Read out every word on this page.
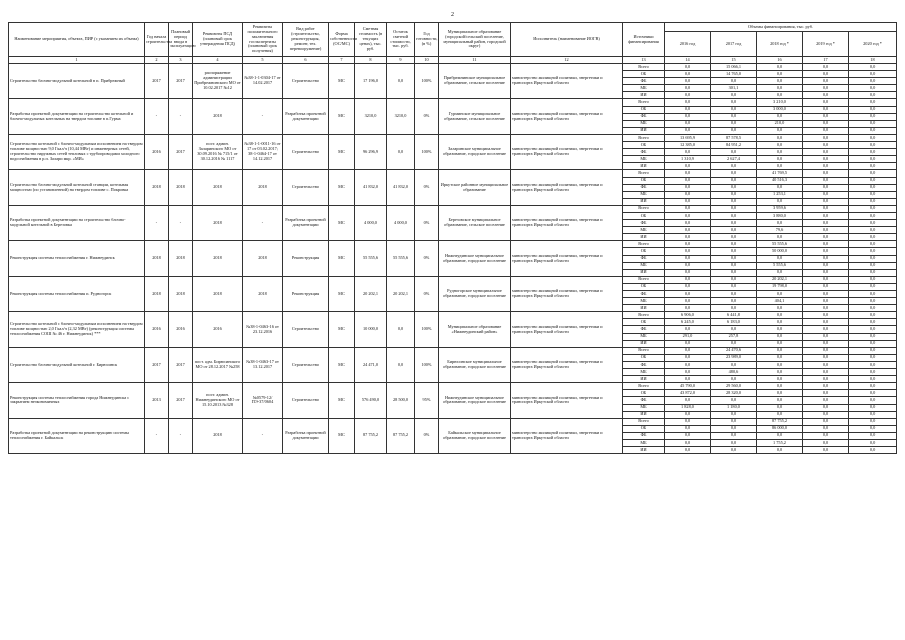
2
Наименование мероприятия, объекта, ПИР (с указанием их объема)	Год начала строительства	Плановый период ввода в эксплуатацию	Реквизиты ПСД (плановый срок утверждения ПСД)	Реквизиты положительного заключения госэкспертизы (плановый срок получения)	Вид работ (строительство, реконструкция, ремонт, тех. перевооружение)	Форма собственности (ОС/МС)	Сметная стоимость (в текущих ценах), тыс. руб.	Остаток сметной стоимости, тыс. руб.	Год готовности, (в %)	Муниципальное образование (городской/сельский поселение, муниципальный район, городской округ)	Исполнитель (наименование ИОГВ)	Источники финансирования	Объемы финансирования, тыс. руб.				
													2016 год	2017 год	2018 год *	2019 год *	2020 год *
1	2	3	4	5	6	7	8	9	10	11	12	13	14	15	16	17	18
Строительство блочно-модульной котельной в п. Прибрежный	2017	2017	распоряжение администрации Прибрежнинского МО от 10.02.2017 №12	№38-1-1-0304-17 от 14.02.2017	Строительство	МС	17 196,0	0,0	100%	Прибрежнинское муниципальное образование, сельское поселение	министерство жилищной политики, энергетики и транспорта Иркутской области	Всего	0,0	15 066,1	0,0	0,0	0,0
												ОБ	0,0	14 765,0	0,0	0,0	0,0
												ФБ	0,0	0,0	0,0	0,0	0,0
												МБ	0,0	301,1	0,0	0,0	0,0
												ИИ	0,0	0,0	0,0	0,0	0,0
Разработка проектной документации на строительство котельной и блочно-модульных котельных на твердом топливе в п.Гурма	-	-	2018	-	Разработка проектной документации	МС	3210,0	3210,0	0%	Гурминское муниципальное образование, сельское поселение	министерство жилищной политики, энергетики и транспорта Иркутской области	Всего	0,0	0,0	3 210,0	0,0	0,0
												ОБ	0,0	0,0	3 000,0	0,0	0,0
												ФБ	0,0	0,0	0,0	0,0	0,0
												МБ	0,0	0,0	210,0	0,0	0,0
												ИИ	0,0	0,0	0,0	0,0	0,0
Строительство котельной с блочно-модульным исполнением на твердом топливе мощностью 9,0 Гкал/ч (10,44 МВт) и инженерных сетей, строительство наружных сетей тепловых с трубопроводами холодного водоснабжения в р.п. Залари мкр. «МИ»	2016	2017	пост. админ. Заларинского МО от 30.09.2016 № 715/1 от 30.12.2016 № 1117	№38-1-1-0011-16 от 17 от 03.02.2017; 38-1-0464-17 от 14.12.2017	Строительство	МС	96 296,9	0,0	100%	Заларинское муниципальное образование, городское поселение	министерство жилищной политики, энергетики и транспорта Иркутской области	Всего	13 695,9	87 578,5	0,0	0,0	0,0
												ОБ	12 385,0	84 951,2	0,0	0,0	0,0
												ФБ	0,0	0,0	0,0	0,0	0,0
												МБ	1 310,9	2 627,4	0,0	0,0	0,0
												ИИ	0,0	0,0	0,0	0,0	0,0
Строительство блочно-модульной котельной станции, котельная мощностью (по установленной) на твердом топливе с. Покровка	2018	2018	2018	2018	Строительство	МС	41 832,0	41 832,0	0%	Иркутское районное муниципальное образование	министерство жилищной политики, энергетики и транспорта Иркутской области	Всего	0,0	0,0	41 769,5	0,0	0,0
												ОБ	0,0	0,0	40 516,3	0,0	0,0
												ФБ	0,0	0,0	0,0	0,0	0,0
												МБ	0,0	0,0	1 253,1	0,0	0,0
												ИИ	0,0	0,0	0,0	0,0	0,0
Разработка проектной документации на строительство блочно-модульной котельной в Березовка	-	-	2018	-	Разработка проектной документации	МС	4 000,0	4 000,0	0%	Березовское муниципальное образование, сельское поселение	министерство жилищной политики, энергетики и транспорта Иркутской области	Всего	0,0	0,0	3 959,6	0,0	0,0
												ОБ	0,0	0,0	3 880,0	0,0	0,0
												ФБ	0,0	0,0	0,0	0,0	0,0
												МБ	0,0	0,0	79,6	0,0	0,0
												ИИ	0,0	0,0	0,0	0,0	0,0
Реконструкция системы теплоснабжения г. Нижнеудинск	2018	2018	2018	2018	Реконструкция	МС	55 555,6	55 555,6	0%	Нижнеудинское муниципальное образование, городское поселение	министерство жилищной политики, энергетики и транспорта Иркутской области	Всего	0,0	0,0	55 555,6	0,0	0,0
												ОБ	0,0	0,0	50 000,0	0,0	0,0
												ФБ	0,0	0,0	0,0	0,0	0,0
												МБ	0,0	0,0	5 555,6	0,0	0,0
												ИИ	0,0	0,0	0,0	0,0	0,0
Реконструкция системы теплоснабжения п. Рудногорск	2018	2018	2018	2018	Реконструкция	МС	20 202,1	20 202,1	0%	Рудногорское муниципальное образование, городское поселение	министерство жилищной политики, энергетики и транспорта Иркутской области	Всего	0,0	0,0	20 202,1	0,0	0,0
												ОБ	0,0	0,0	19 798,0	0,0	0,0
												ФБ	0,0	0,0	0,0	0,0	0,0
												МБ	0,0	0,0	404,1	0,0	0,0
												ИИ	0,0	0,0	0,0	0,0	0,0
Строительство котельной с блочно-модульным исполнением на твердом топливе мощностью 2,0 Гкал/ч (2,32 МВт) (реконструкция системы теплоснабжения СОШ № 46 г. Нижнеудинск) ***	2016	2016	2016	№38-1-0463-16 от 23.12.2016	Строительство	МС	10 000,0	0,0	100%	Муниципальное образование «Нижнеудинский район»	министерство жилищной политики, энергетики и транспорта Иркутской области	Всего	6 906,0	6 441,8	0,0	0,0	0,0
												ОБ	6 245,0	6 183,0	0,0	0,0	0,0
												ФБ	0,0	0,0	0,0	0,0	0,0
												МБ	291,0	257,8	0,0	0,0	0,0
												ИИ	0,0	0,0	0,0	0,0	0,0
Строительство блочно-модульной котельной г. Бирюсинск	2017	2017	пост. адм. Бирюсинского МО от 28.12.2017 №258	№38-1-0463-17 от 13.12.2017	Строительство	МС	24 471,0	0,0	100%	Бирюсинское муниципальное образование, городское поселение	министерство жилищной политики, энергетики и транспорта Иркутской области	Всего	0,0	24 470,6	0,0	0,0	0,0
												ОБ	0,0	23 989,0	0,0	0,0	0,0
												ФБ	0,0	0,0	0,0	0,0	0,0
												МБ	0,0	480,6	0,0	0,0	0,0
												ИИ	0,0	0,0	0,0	0,0	0,0
Реконструкция системы теплоснабжения города Нижнеудинска с закрытием неэкономичных	2013	2017	пост. админ. Нижнеудинского МО от 15.10.2013 №328	№0579-12/ПЭ-37/0604	Строительство	МС	576 490,0	28 500,0	95%	Нижнеудинское муниципальное образование, городское поселение	министерство жилищной политики, энергетики и транспорта Иркутской области	Всего	45 790,0	29 560,0	0,0	0,0	0,0
												ОБ	43 872,0	28 320,0	0,0	0,0	0,0
												ФБ	0,0	0,0	0,0	0,0	0,0
												МБ	1 828,0	1 180,0	0,0	0,0	0,0
												ИИ	0,0	0,0	0,0	0,0	0,0
Разработка проектной документации на реконструкцию системы теплоснабжения г. Байкальск	-	-	2018	-	Разработка проектной документации	МС	87 755,2	87 755,2	0%	Байкальское муниципальное образование, городское поселение	министерство жилищной политики, энергетики и транспорта Иркутской области	Всего	0,0	0,0	87 755,2	0,0	0,0
												ОБ	0,0	0,0	86 000,0	0,0	0,0
												ФБ	0,0	0,0	0,0	0,0	0,0
												МБ	0,0	0,0	1 755,2	0,0	0,0
												ИИ	0,0	0,0	0,0	0,0	0,0
